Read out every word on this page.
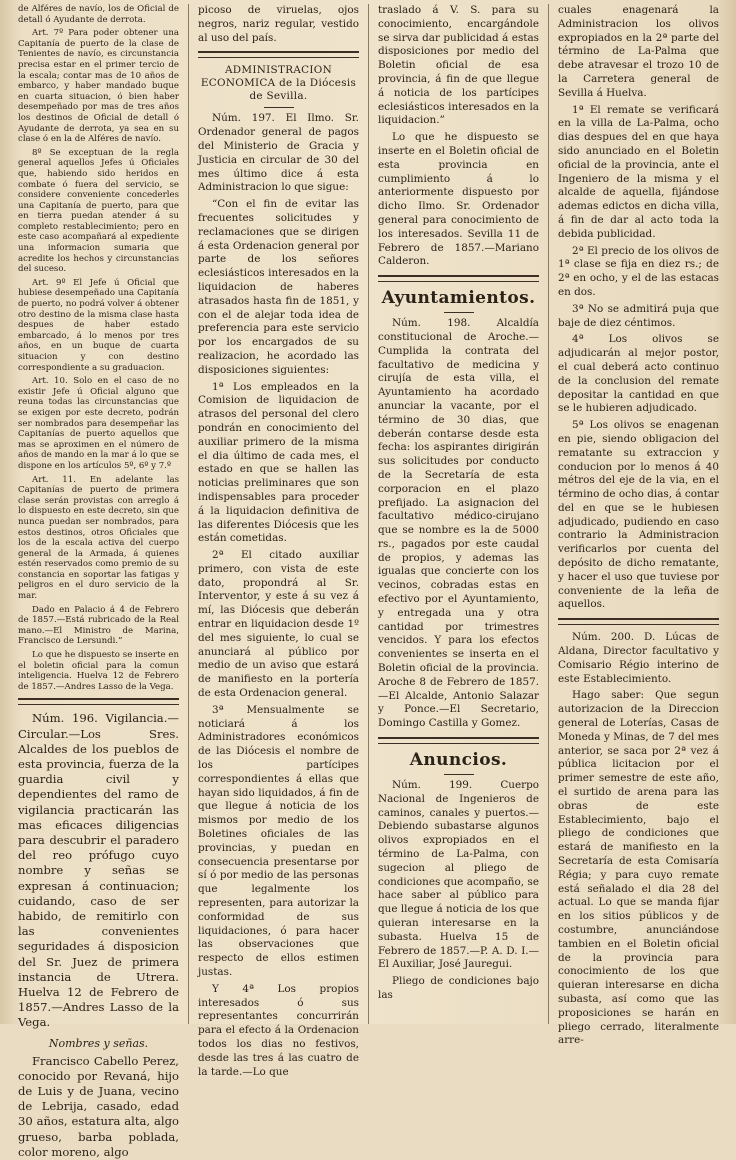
de Alféres de navío, los de Oficial de detall ó Ayudante de derrota.

Art. 7º Para poder obtener una Capitanía de puerto de la clase de Tenientes de navío, es circunstancia precisa estar en el primer tercio de la escala; contar mas de 10 años de embarco, y haber mandado buque en cuarta situacion, ó bien haber desempeñado por mas de tres años los destinos de Oficial de detall ó Ayudante de derrota, ya sea en su clase ó en la de Alféres de navío.

8º Se exceptuan de la regla general aquellos Jefes ú Oficiales que, habiendo sido heridos en combate ó fuera del servicio, se considere conveniente concederles una Capitanía de puerto, para que en tierra puedan atender á su completo restablecimiento; pero en este caso acompañará al expediente una informacion sumaria que acredite los hechos y circunstancias del suceso.

Art. 9º El Jefe ú Oficial que hubiese desempeñado una Capitanía de puerto, no podrá volver á obtener otro destino de la misma clase hasta despues de haber estado embarcado, á lo menos por tres años, en un buque de cuarta situacion y con destino correspondiente a su graduacion.

Art. 10. Solo en el caso de no existir Jefe ú Oficial alguno que reuna todas las circunstancias que se exigen por este decreto, podrán ser nombrados para desempeñar las Capitanías de puerto aquellos que mas se aproximen en el número de años de mando en la mar á lo que se dispone en los artículos 5º, 6º y 7.º

Art. 11. En adelante las Capitanías de puerto de primera clase serán provistas con arreglo á lo dispuesto en este decreto, sin que nunca puedan ser nombrados, para estos destinos, otros Oficiales que los de la escala activa del cuerpo general de la Armada, á quienes estén reservados como premio de su constancia en soportar las fatigas y peligros en el duro servicio de la mar.

Dado en Palacio á 4 de Febrero de 1857.—Está rubricado de la Real mano.—El Ministro de Marina, Francisco de Lersundi.”

Lo que he dispuesto se inserte en el boletin oficial para la comun inteligencia. Huelva 12 de Febrero de 1857.—Andres Lasso de la Vega.

Núm. 196. Vigilancia.— Circular.—Los Sres. Alcaldes de los pueblos de esta provincia, fuerza de la guardia civil y dependientes del ramo de vigilancia practicarán las mas eficaces diligencias para descubrir el paradero del reo prófugo cuyo nombre y señas se expresan á continuacion; cuidando, caso de ser habido, de remitirlo con las convenientes seguridades á disposicion del Sr. Juez de primera instancia de Utrera. Huelva 12 de Febrero de 1857.—Andres Lasso de la Vega.

Nombres y señas.

Francisco Cabello Perez, conocido por Revaná, hijo de Luis y de Juana, vecino de Lebrija, casado, edad 30 años, estatura alta, algo grueso, barba poblada, color moreno, algo

picoso de viruelas, ojos negros, nariz regular, vestido al uso del país.

ADMINISTRACION ECONOMICA de la Diócesis de Sevilla.

Núm. 197. El Ilmo. Sr. Ordenador general de pagos del Ministerio de Gracia y Justicia en circular de 30 del mes último dice á esta Administracion lo que sigue:

“Con el fin de evitar las frecuentes solicitudes y reclamaciones que se dirigen á esta Ordenacion general por parte de los señores eclesiásticos interesados en la liquidacion de haberes atrasados hasta fin de 1851, y con el de alejar toda idea de preferencia para este servicio por los encargados de su realizacion, he acordado las disposiciones siguientes:

1ª Los empleados en la Comision de liquidacion de atrasos del personal del clero pondrán en conocimiento del auxiliar primero de la misma el dia último de cada mes, el estado en que se hallen las noticias preliminares que son indispensables para proceder á la liquidacion definitiva de las diferentes Diócesis que les están cometidas.

2ª El citado auxiliar primero, con vista de este dato, propondrá al Sr. Interventor, y este á su vez á mí, las Diócesis que deberán entrar en liquidacion desde 1º del mes siguiente, lo cual se anunciará al público por medio de un aviso que estará de manifiesto en la portería de esta Ordenacion general.

3ª Mensualmente se noticiará á los Administradores económicos de las Diócesis el nombre de los partícipes correspondientes á ellas que hayan sido liquidados, á fin de que llegue á noticia de los mismos por medio de los Boletines oficiales de las provincias, y puedan en consecuencia presentarse por sí ó por medio de las personas que legalmente los representen, para autorizar la conformidad de sus liquidaciones, ó para hacer las observaciones que respecto de ellos estimen justas.

Y 4ª Los propios interesados ó sus representantes concurrirán para el efecto á la Ordenacion todos los dias no festivos, desde las tres á las cuatro de la tarde.—Lo que

traslado á V. S. para su conocimiento, encargándole se sirva dar publicidad á estas disposiciones por medio del Boletin oficial de esa provincia, á fin de que llegue á noticia de los partícipes eclesiásticos interesados en la liquidacion.”

Lo que he dispuesto se inserte en el Boletin oficial de esta provincia en cumplimiento á lo anteriormente dispuesto por dicho Ilmo. Sr. Ordenador general para conocimiento de los interesados. Sevilla 11 de Febrero de 1857.—Mariano Calderon.

Ayuntamientos.

Núm. 198. Alcaldía constitucional de Aroche.—Cumplida la contrata del facultativo de medicina y cirujía de esta villa, el Ayuntamiento ha acordado anunciar la vacante, por el término de 30 dias, que deberán contarse desde esta fecha: los aspirantes dirigirán sus solicitudes por conducto de la Secretaría de esta corporacion en el plazo prefijado. La asignacion del facultativo médico-cirujano que se nombre es la de 5000 rs., pagados por este caudal de propios, y ademas las igualas que concierte con los vecinos, cobradas estas en efectivo por el Ayuntamiento, y entregada una y otra cantidad por trimestres vencidos. Y para los efectos convenientes se inserta en el Boletin oficial de la provincia. Aroche 8 de Febrero de 1857.—El Alcalde, Antonio Salazar y Ponce.—El Secretario, Domingo Castilla y Gomez.

Anuncios.

Núm. 199. Cuerpo Nacional de Ingenieros de caminos, canales y puertos.—Debiendo subastarse algunos olivos expropiados en el término de La-Palma, con sugecion al pliego de condiciones que acompaño, se hace saber al público para que llegue á noticia de los que quieran interesarse en la subasta. Huelva 15 de Febrero de 1857.—P. A. D. I.—El Auxiliar, José Jauregui.

Pliego de condiciones bajo las

cuales enagenará la Administracion los olivos expropiados en la 2ª parte del término de La-Palma que debe atravesar el trozo 10 de la Carretera general de Sevilla á Huelva.

1ª El remate se verificará en la villa de La-Palma, ocho dias despues del en que haya sido anunciado en el Boletin oficial de la provincia, ante el Ingeniero de la misma y el alcalde de aquella, fijándose ademas edictos en dicha villa, á fin de dar al acto toda la debida publicidad.

2ª El precio de los olivos de 1ª clase se fija en diez rs.; de 2ª en ocho, y el de las estacas en dos.

3ª No se admitirá puja que baje de diez céntimos.

4ª Los olivos se adjudicarán al mejor postor, el cual deberá acto continuo de la conclusion del remate depositar la cantidad en que se le hubieren adjudicado.

5ª Los olivos se enagenan en pie, siendo obligacion del rematante su extraccion y conducion por lo menos á 40 métros del eje de la via, en el término de ocho dias, á contar del en que se le hubiesen adjudicado, pudiendo en caso contrario la Administracion verificarlos por cuenta del depósito de dicho rematante, y hacer el uso que tuviese por conveniente de la leña de aquellos.

Núm. 200. D. Lúcas de Aldana, Director facultativo y Comisario Régio interino de este Establecimiento.

Hago saber: Que segun autorizacion de la Direccion general de Loterías, Casas de Moneda y Minas, de 7 del mes anterior, se saca por 2ª vez á pública licitacion por el primer semestre de este año, el surtido de arena para las obras de este Establecimiento, bajo el pliego de condiciones que estará de manifiesto en la Secretaría de esta Comisaría Régia; y para cuyo remate está señalado el dia 28 del actual. Lo que se manda fijar en los sitios públicos y de costumbre, anunciándose tambien en el Boletin oficial de la provincia para conocimiento de los que quieran interesarse en dicha subasta, así como que las proposiciones se harán en pliego cerrado, literalmente arre-
